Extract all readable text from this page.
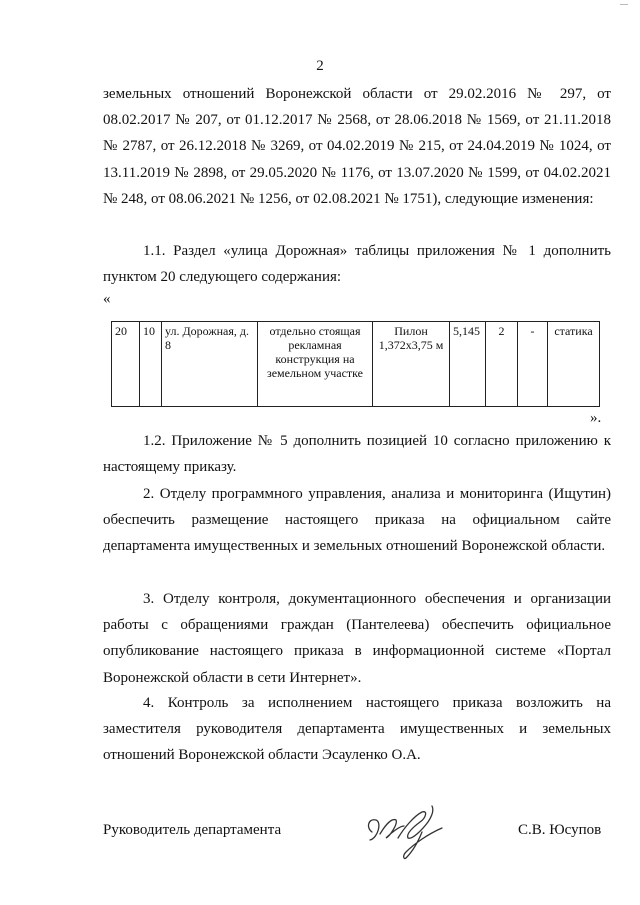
2

земельных отношений Воронежской области от 29.02.2016 № 297, от 08.02.2017 № 207, от 01.12.2017 № 2568, от 28.06.2018 № 1569, от 21.11.2018 № 2787, от 26.12.2018 № 3269, от 04.02.2019 № 215, от 24.04.2019 № 1024, от 13.11.2019 № 2898, от 29.05.2020 № 1176, от 13.07.2020 № 1599, от 04.02.2021 № 248, от 08.06.2021 № 1256, от 02.08.2021 № 1751), следующие изменения:

1.1. Раздел «улица Дорожная» таблицы приложения № 1 дополнить пунктом 20 следующего содержания:

«
20	10	ул. Дорожная, д. 8	отдельно стоящая рекламная конструкция на земельном участке	Пилон 1,372х3,75 м	5,145	2	-	статика
».

1.2. Приложение № 5 дополнить позицией 10 согласно приложению к настоящему приказу.

2. Отделу программного управления, анализа и мониторинга (Ищутин) обеспечить размещение настоящего приказа на официальном сайте департамента имущественных и земельных отношений Воронежской области.

3. Отделу контроля, документационного обеспечения и организации работы с обращениями граждан (Пантелеева) обеспечить официальное опубликование настоящего приказа в информационной системе «Портал Воронежской области в сети Интернет».

4. Контроль за исполнением настоящего приказа возложить на заместителя руководителя департамента имущественных и земельных отношений Воронежской области Эсауленко О.А.

Руководитель департамента	С.В. Юсупов
